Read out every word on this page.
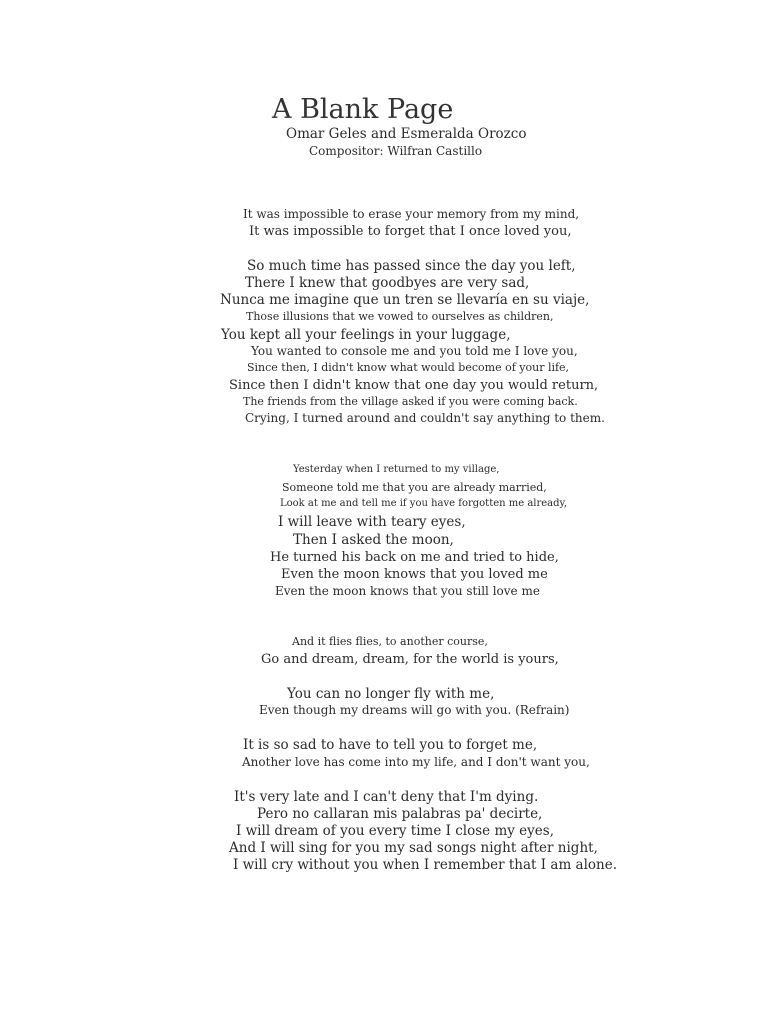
A Blank Page
Omar Geles and Esmeralda Orozco
Compositor: Wilfran Castillo
It was impossible to erase your memory from my mind,
It was impossible to forget that I once loved you,
So much time has passed since the day you left,
There I knew that goodbyes are very sad,
Nunca me imagine que un tren se llevaría en su viaje,
Those illusions that we vowed to ourselves as children,
You kept all your feelings in your luggage,
You wanted to console me and you told me I love you,
Since then, I didn't know what would become of your life,
Since then I didn't know that one day you would return,
The friends from the village asked if you were coming back.
Crying, I turned around and couldn't say anything to them.
Yesterday when I returned to my village,
Someone told me that you are already married,
Look at me and tell me if you have forgotten me already,
I will leave with teary eyes,
Then I asked the moon,
He turned his back on me and tried to hide,
Even the moon knows that you loved me
Even the moon knows that you still love me
And it flies flies, to another course,
Go and dream, dream, for the world is yours,
You can no longer fly with me,
Even though my dreams will go with you. (Refrain)
It is so sad to have to tell you to forget me,
Another love has come into my life, and I don't want you,
It's very late and I can't deny that I'm dying.
Pero no callaran mis palabras pa' decirte,
I will dream of you every time I close my eyes,
And I will sing for you my sad songs night after night,
I will cry without you when I remember that I am alone.
